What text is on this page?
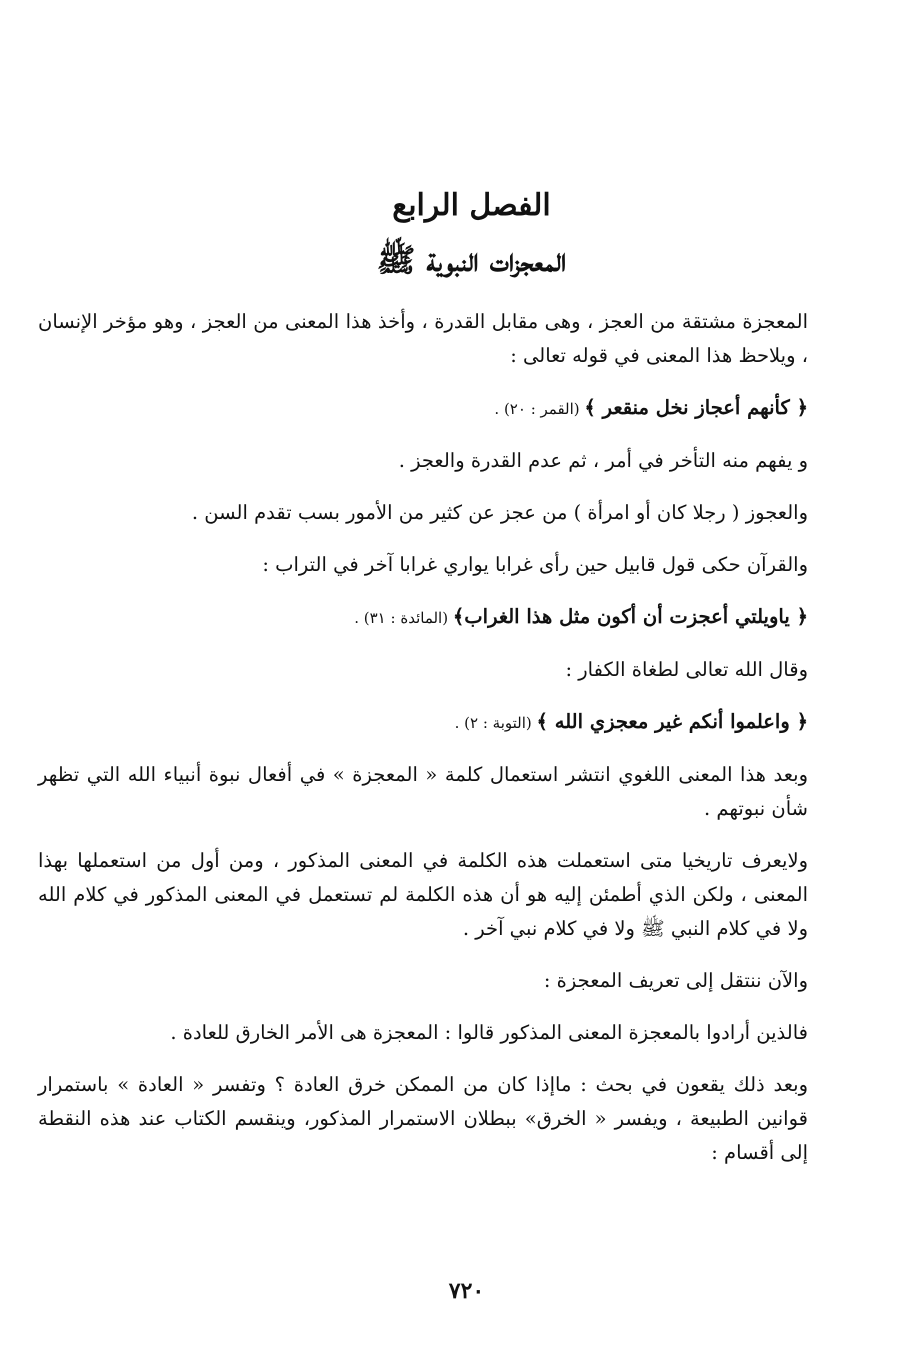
الفصل الرابع
المعجزات النبوية ﷺ

المعجزة مشتقة من العجز ، وهى مقابل القدرة ، وأخذ هذا المعنى من العجز ، وهو مؤخر الإنسان ، ويلاحظ هذا المعنى في قوله تعالى :

﴿ كأنهم أعجاز نخل منقعر ﴾ (القمر : ٢٠) .

و يفهم منه التأخر في أمر ، ثم عدم القدرة والعجز .

والعجوز ( رجلا كان أو امرأة ) من عجز عن كثير من الأمور بسب تقدم السن .

والقرآن حكى قول قابيل حين رأى غرابا يواري غرابا آخر في التراب :

﴿ ياويلتي أعجزت أن أكون مثل هذا الغراب﴾ (المائدة : ٣١) .

وقال الله تعالى لطغاة الكفار :

﴿ واعلموا أنكم غير معجزي الله ﴾ (التوبة : ٢) .

وبعد هذا المعنى اللغوي انتشر استعمال كلمة « المعجزة » في أفعال نبوة أنبياء الله التي تظهر شأن نبوتهم .

ولايعرف تاريخيا متى استعملت هذه الكلمة في المعنى المذكور ، ومن أول من استعملها بهذا المعنى ، ولكن الذي أطمئن إليه هو أن هذه الكلمة لم تستعمل في المعنى المذكور في كلام الله ولا في كلام النبي ﷺ ولا في كلام نبي آخر .

والآن ننتقل إلى تعريف المعجزة :

فالذين أرادوا بالمعجزة المعنى المذكور قالوا : المعجزة هى الأمر الخارق للعادة .

وبعد ذلك يقعون في بحث : ماإذا كان من الممكن خرق العادة ؟ وتفسر « العادة » باستمرار قوانين الطبيعة ، ويفسر « الخرق» ببطلان الاستمرار المذكور، وينقسم الكتاب عند هذه النقطة إلى أقسام :

٧٢٠
